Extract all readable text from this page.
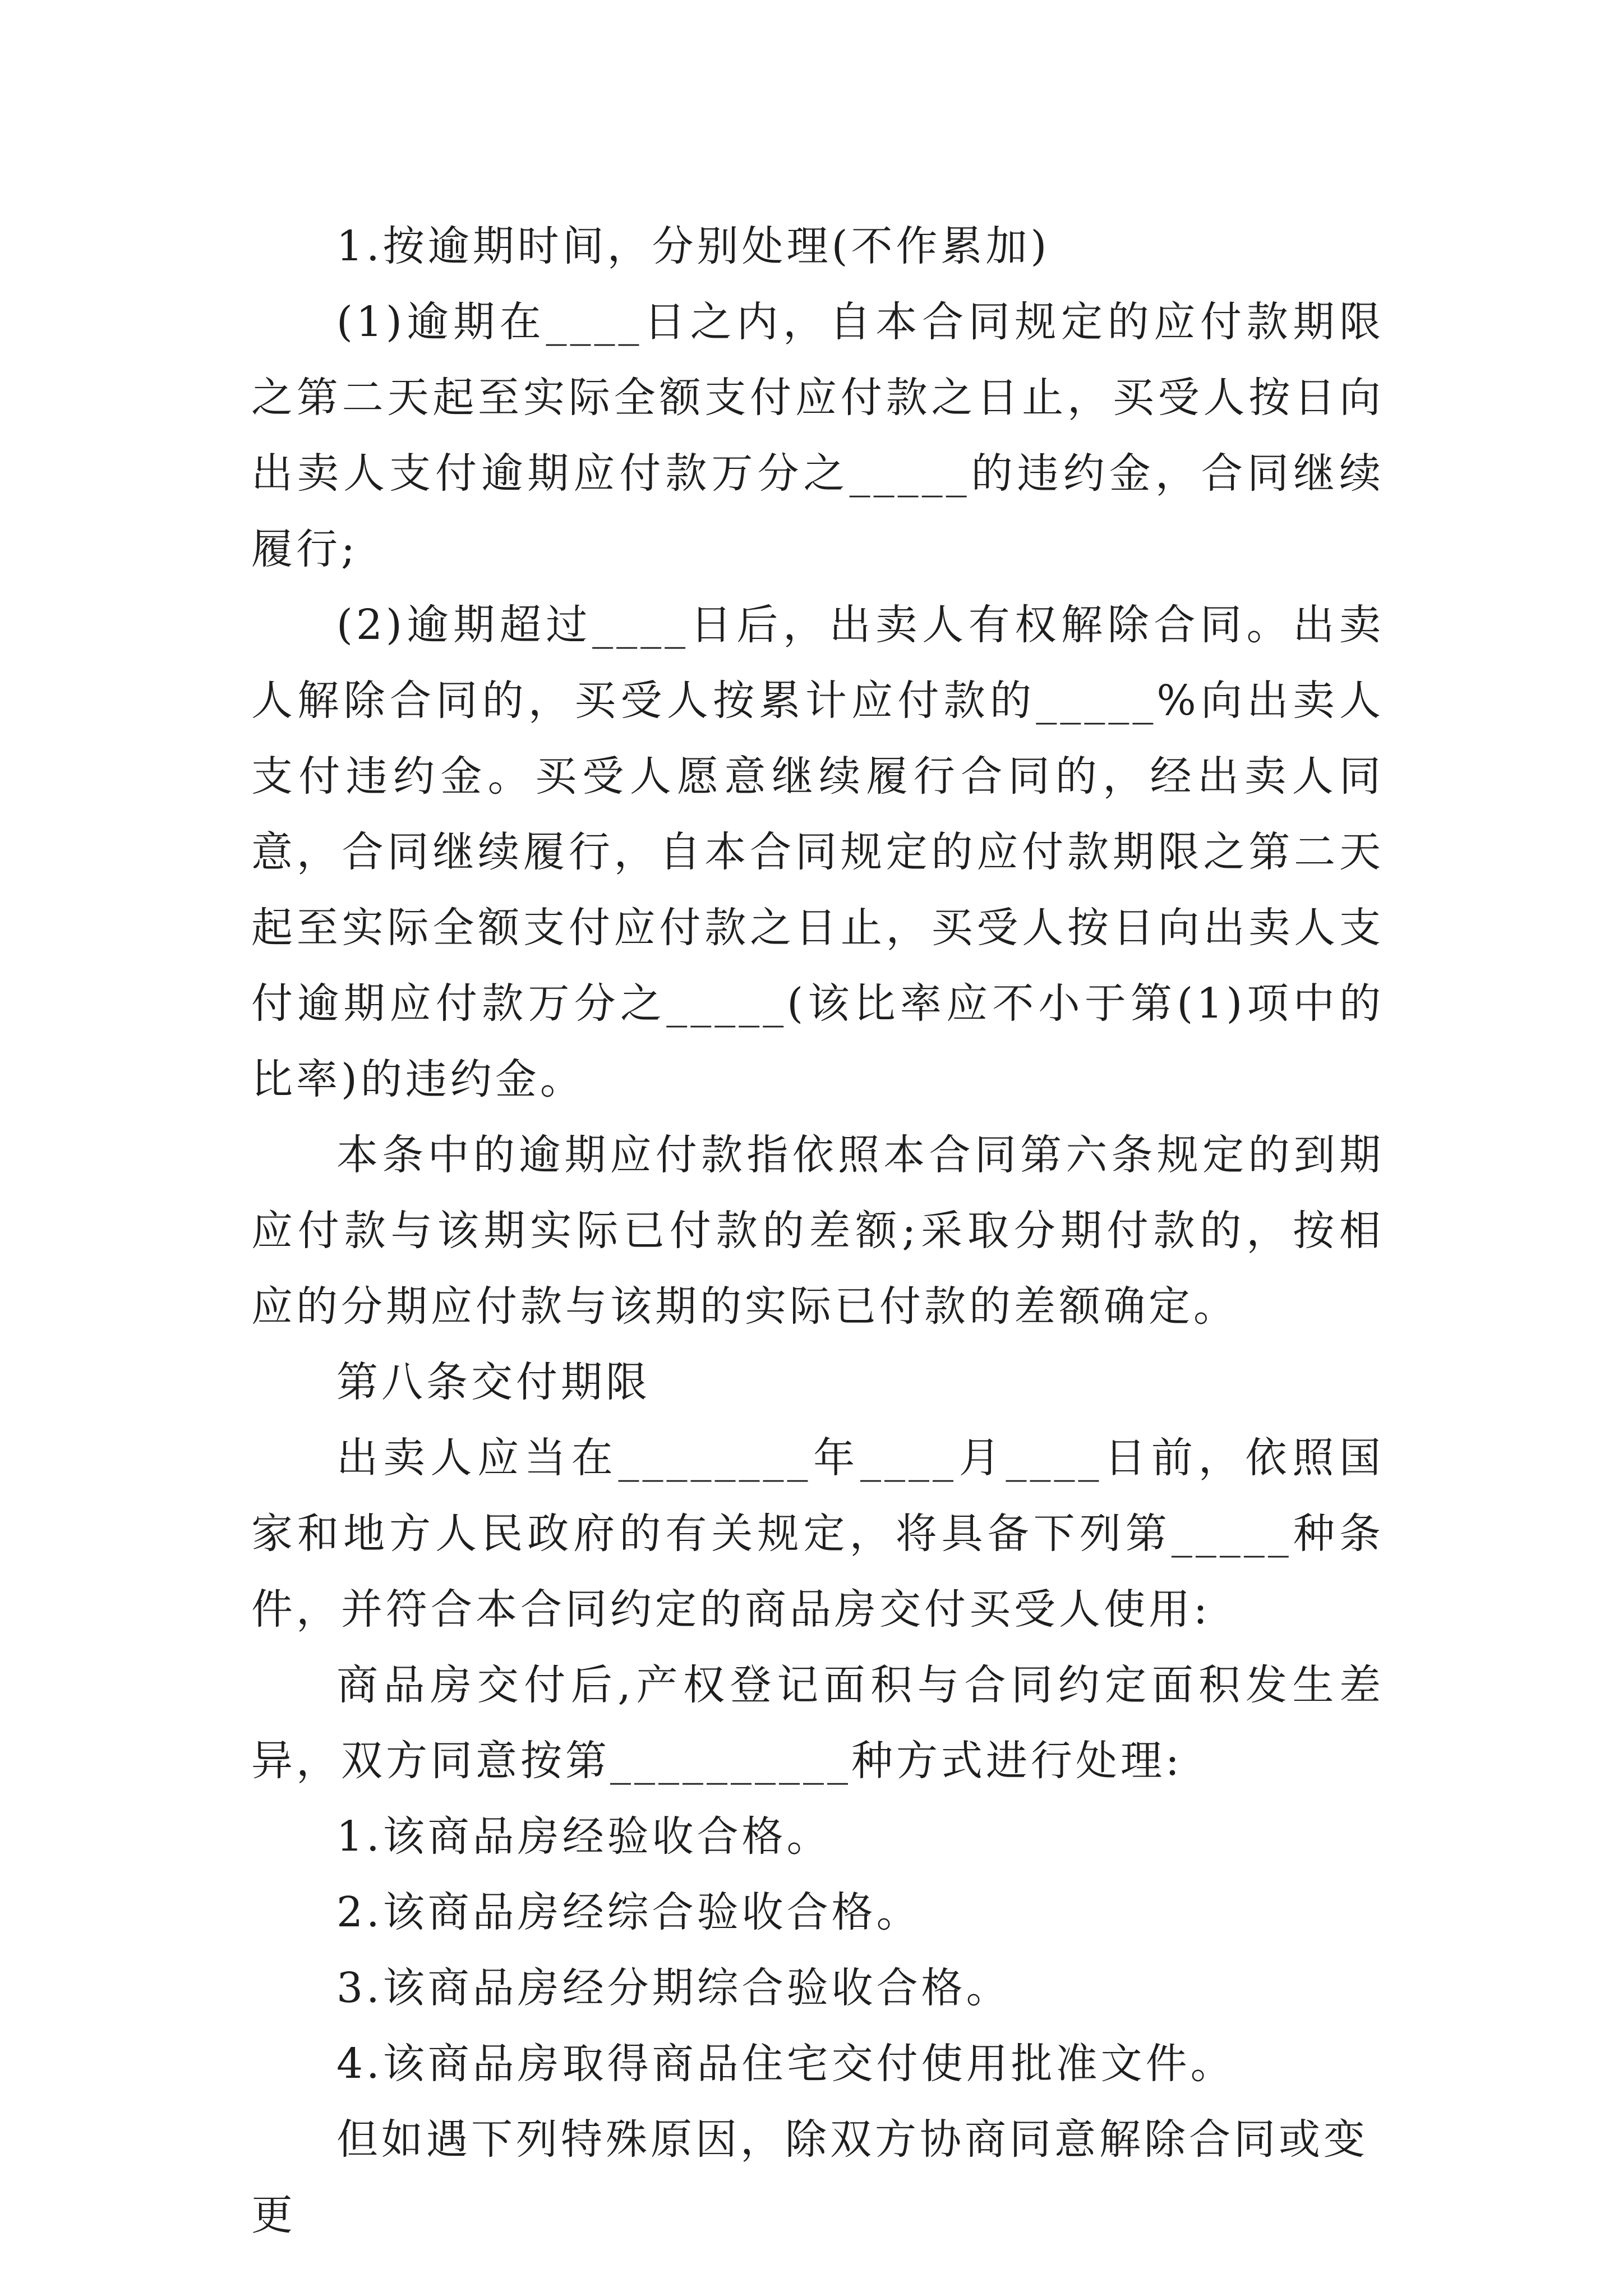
1.按逾期时间，分别处理(不作累加)

(1)逾期在____日之内，自本合同规定的应付款期限之第二天起至实际全额支付应付款之日止，买受人按日向出卖人支付逾期应付款万分之_____的违约金，合同继续履行;

(2)逾期超过____日后，出卖人有权解除合同。出卖人解除合同的，买受人按累计应付款的_____%向出卖人支付违约金。买受人愿意继续履行合同的，经出卖人同意，合同继续履行，自本合同规定的应付款期限之第二天起至实际全额支付应付款之日止，买受人按日向出卖人支付逾期应付款万分之_____(该比率应不小于第(1)项中的比率)的违约金。

本条中的逾期应付款指依照本合同第六条规定的到期应付款与该期实际已付款的差额;采取分期付款的，按相应的分期应付款与该期的实际已付款的差额确定。

第八条交付期限

出卖人应当在________年____月____日前，依照国家和地方人民政府的有关规定，将具备下列第_____种条件，并符合本合同约定的商品房交付买受人使用:

商品房交付后,产权登记面积与合同约定面积发生差异，双方同意按第__________种方式进行处理:

1.该商品房经验收合格。

2.该商品房经综合验收合格。

3.该商品房经分期综合验收合格。

4.该商品房取得商品住宅交付使用批准文件。

但如遇下列特殊原因，除双方协商同意解除合同或变更
